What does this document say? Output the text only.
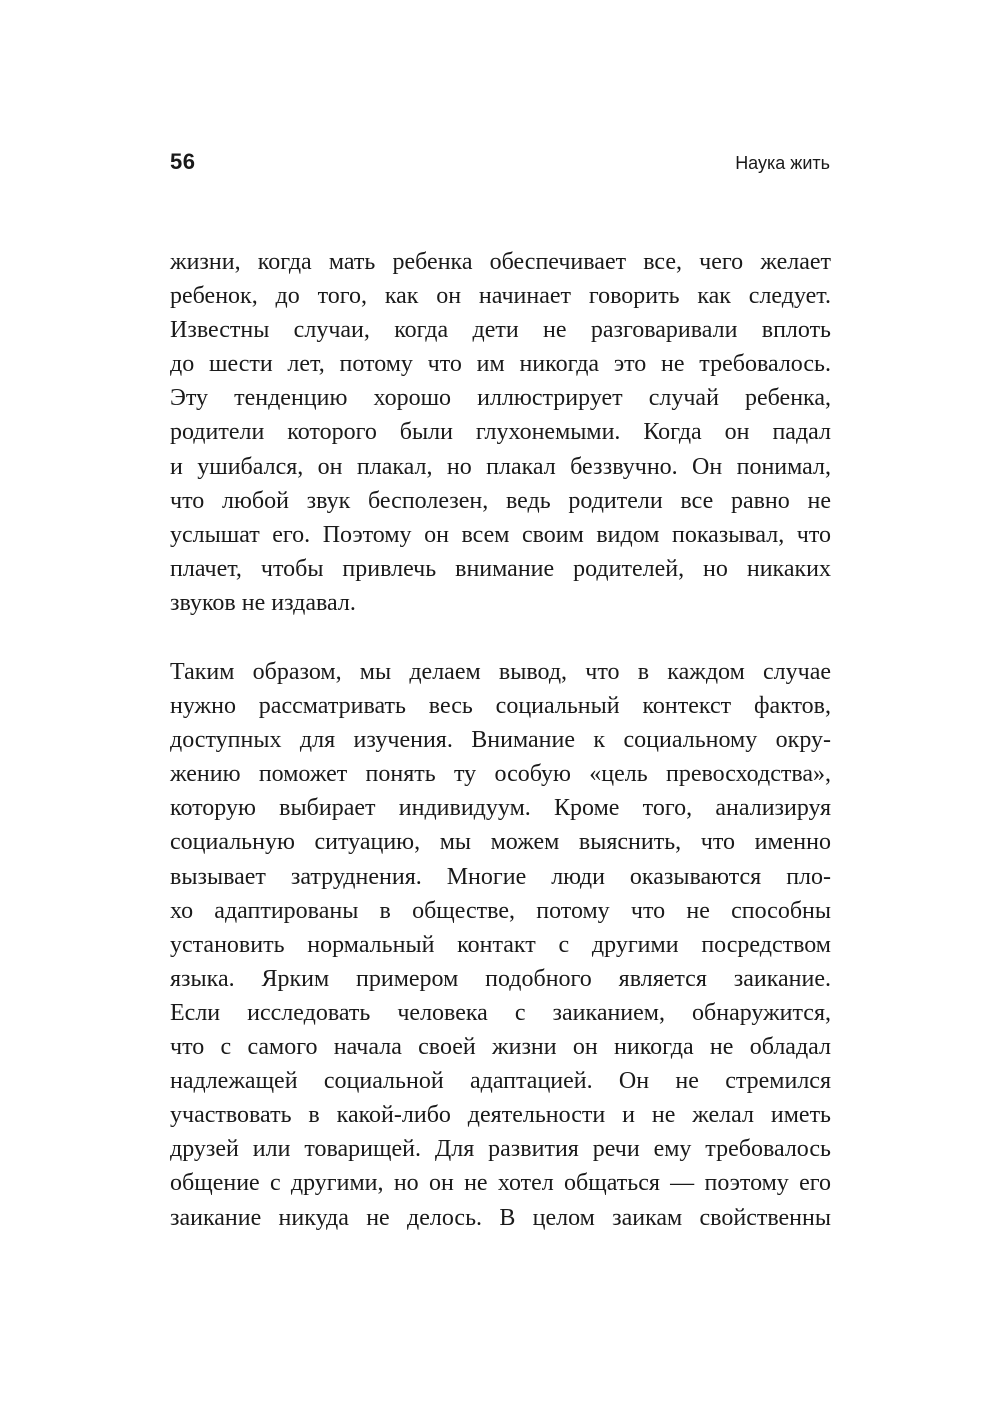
56	Наука жить

жизни, когда мать ребенка обеспечивает все, чего желает
ребенок, до того, как он начинает говорить как следует.
Известны случаи, когда дети не разговаривали вплоть
до шести лет, потому что им никогда это не требовалось.
Эту тенденцию хорошо иллюстрирует случай ребенка,
родители которого были глухонемыми. Когда он падал
и ушибался, он плакал, но плакал беззвучно. Он понимал,
что любой звук бесполезен, ведь родители все равно не
услышат его. Поэтому он всем своим видом показывал, что
плачет, чтобы привлечь внимание родителей, но никаких
звуков не издавал.

Таким образом, мы делаем вывод, что в каждом случае
нужно рассматривать весь социальный контекст фактов,
доступных для изучения. Внимание к социальному окру-
жению поможет понять ту особую «цель превосходства»,
которую выбирает индивидуум. Кроме того, анализируя
социальную ситуацию, мы можем выяснить, что именно
вызывает затруднения. Многие люди оказываются пло-
хо адаптированы в обществе, потому что не способны
установить нормальный контакт с другими посредством
языка. Ярким примером подобного является заикание.
Если исследовать человека с заиканием, обнаружится,
что с самого начала своей жизни он никогда не обладал
надлежащей социальной адаптацией. Он не стремился
участвовать в какой-либо деятельности и не желал иметь
друзей или товарищей. Для развития речи ему требовалось
общение с другими, но он не хотел общаться — поэтому его
заикание никуда не делось. В целом заикам свойственны
